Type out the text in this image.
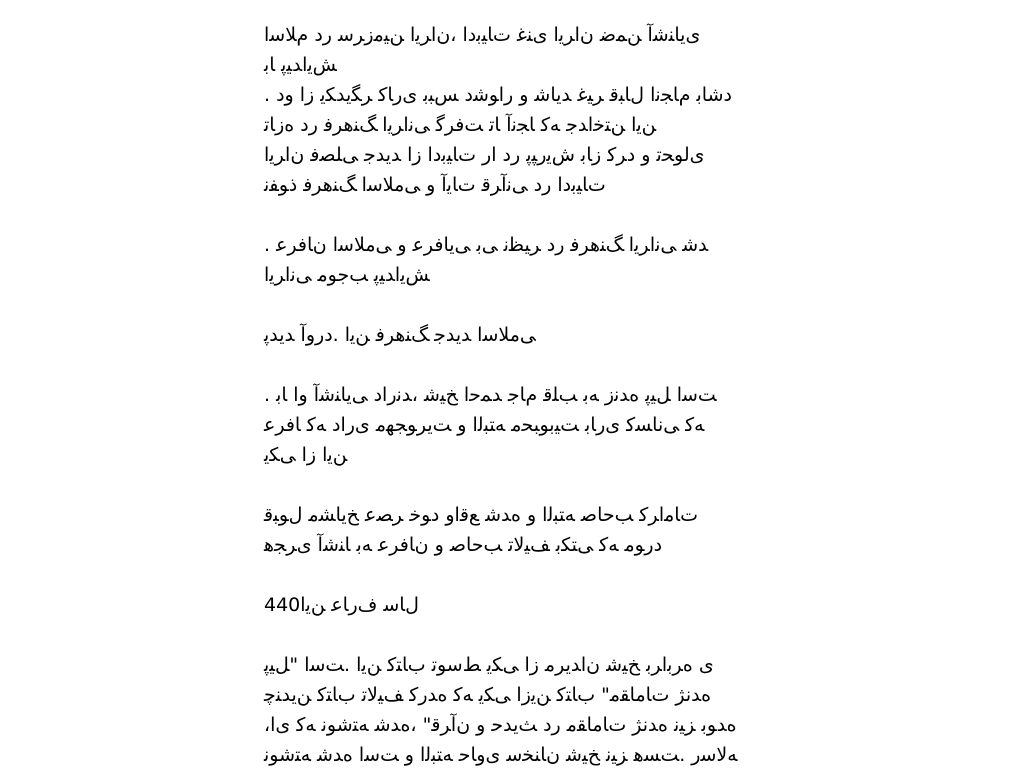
ﯼﯾﺎﻨﺷآ ﻦﻤﺿ ﻥﺍﺮﯾﺍ ﯼﻨﻏ ﺕﺎﯿﺑﺩﺍ ،ﻥﺍﺮﯾﺍ ﻦﯿﻣﺯﺮﺳ ﺭﺩ ﻡﻼﺳﺍ
ﺶﯾﺍﺪﯿﭘ ﺎﺑ
. ﺩﺷﺎﺑ ﻡﺎﺠﻧﺍ ﻝﺎﺒﻗ ﺮﯿﻏ ﺪﯾﺎﺷ ﻭ ﺭﺍﻮﺷﺩ ﺲﺒﺑ ﯼﺭﺎﮐ ﺮﮕﯾﺪﮑﯾ ﺯﺍ ﻭﺩ
ﻦﯾﺍ ﻦﺘﺧﺍﺪﺟ ﻪﮐ ﺎﺠﻧﺁ ﺎﺗ ﺖﻓﺮﮔ ﯽﻧﺍﺮﯾﺍ ﮓﻨﻫﺮﻓ ﺭﺩ ﻩﺯﺎﺗ
ﯼﻟﻮﺤﺗ ﻭ ﺩﺮﮐ ﺯﺎﺑ ﺵﯾﺭﭙﭘ ﺭﺩ ﺍﺭ ﺕﺎﯿﺑﺩﺍ ﺯﺍ ﺪﯾﺪﺟ ﯽﻠﺼﻓ ﻥﺍﺮﯾﺍ
ﺕﺎﯿﺑﺩﺍ ﺭﺩ ﯽﻧآﺮﻗ ﺕﺎﯾﺁ ﻭ ﯽﻣﻼﺳﺍ ﮓﻨﻫﺮﻓ ﺫﻮﻔﻧ
. ﺪﺷ ﯽﻧﺍﺮﯾﺍ ﮓﻨﻫﺮﻓ ﺭﺩ ﺮﯿﻈﻧ ﯽﺑ ﯽﯾﺎﻓﺮﻋ ﻭ ﯽﻣﻼﺳﺍ ﻥﺎﻓﺮﻋ
ﺶﯾﺍﺪﯿﭘ ﺐﺟﻮﻣ ﯽﻧﺍﺮﯾﺍ
ﯽﻣﻼﺳﺍ ﺪﯾﺪﺟ ﮓﻨﻫﺮﻓ ﻦﯾﺍ .ﺩﺭﻭآ ﺪﯾﺪﭘ
. ﺖﺳﺍ ﻞﯿﭘ ﻩﺪﻧﺯ ﻪﺑ ﺐﻠﻗ ﻡﺎﺟ ﺪﻤﺣﺍ ﺦﯿﺷ ،ﺪﻧﺭﺍﺩ ﯽﯾﺎﻨﺷآ ﻭﺍ ﺎﺑ
ﻪﮐ ﯽﻧﺎﺴﮐ ﯼﺭﺎﺑ ﺖﯿﺑﻮﺒﺤﻣ ﻪﺘﺒﻟﺍ ﻭ ﺖﯾﺮﻮﺠﻬﻣ ﯼﺭﺍﺩ ﻪﮐ ﺎﻓﺮﻋ
ﻦﯾﺍ ﺯﺍ ﯽﮑﯾ
ﺕﺎﻣﺍﺮﮐ ﺐﺣﺎﺻ ﻪﺘﺒﻟﺍ ﻭ ﻩﺪﺷ ﻊﻗﺍﻭ ﺩﻮﺧ ﺮﺼﻋ ﺦﯾﺎﺸﻣ ﻝﻮﺒﻗ
ﺩﺭﻮﻣ ﻪﮐ ﯽﺘﮑﺑ ﻒﯿﻟﺎﺗ ﺐﺣﺎﺻ ﻭ ﻥﺎﻓﺮﻋ ﻪﺑ ﺎﻨﺷآ ﯼﺮﺠﻫ
ﻝﺎﺳ ﻑﺭﺎﻋ ﻦﯾﺍ440
ﯼ ﻩﺮﺑﺍﺮﺑ ﺦﯿﺷ ﻥﺍﺪﯾﺮﻣ ﺯﺍ ﯽﮑﯾ ﻂﺳﻮﺗ ﺏﺎﺘﮐ ﻦﯾﺍ .ﺖﺳﺍ "ﻞﯿﭘ
ﻩﺪﻧﮋ ﺕﺎﻣﺎﻘﻣ" ﺏﺎﺘﮐ ﻦﯾﺯﺍ ﯽﮑﯾ ﻪﮐ ﻩﺪﺭﮐ ﻒﯿﻟﺎﺗ ﺏﺎﺘﮐ ﻦﯾﺪﻨﭼ
،ﻩﺪﻮﺑ ﺰﯿﻧ ﻩﺪﻧﮋ ﺕﺎﻣﺎﻘﻣ ﺭﺩ ﺚﯾﺪﺣ ﻭ ﻥآﺮﻗ" ،ﻩﺪﺷ ﻪﺘﺷﻮﻧ ﻪﮐ ﯼﺍ
ﻪﻟﺎﺳﺭ .ﺖﺴﻫ ﺰﯿﻧ ﺦﯿﺷ ﻥﺎﻨﺨﺳ ﯼﻭﺎﺣ ﻪﺘﺒﻟﺍ ﻭ ﺖﺳﺍ ﻩﺪﺷ ﻪﺘﺷﻮﻧ
